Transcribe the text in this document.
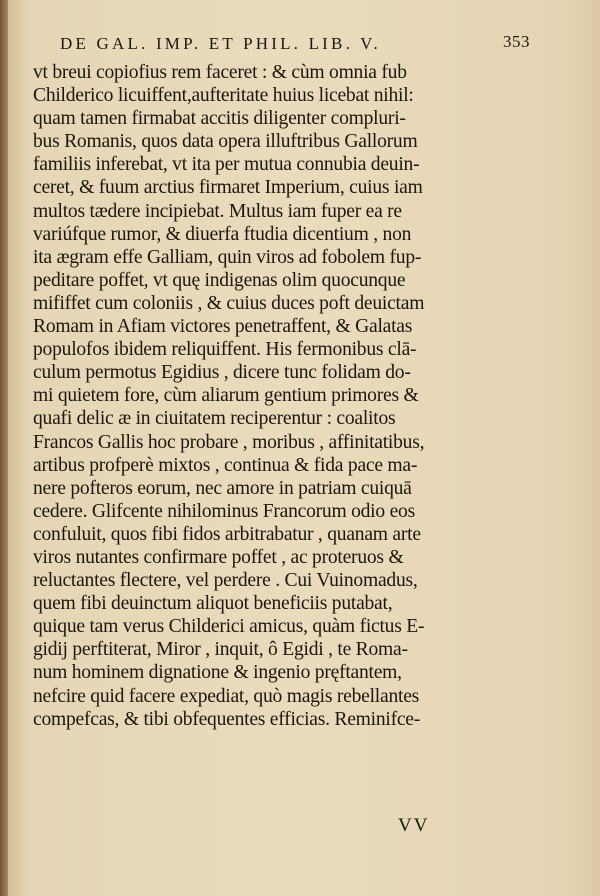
DE GAL. IMP. ET PHIL. LIB. V.	353
vt breui copiofius rem faceret : & cùm omnia fub
Childerico licuiffent,aufteritate huius licebat nihil:
quam tamen firmabat accitis diligenter compluri-
bus Romanis, quos data opera illuftribus Gallorum
familiis inferebat, vt ita per mutua connubia deuin-
ceret, & fuum arctius firmaret Imperium, cuius iam
multos tædere incipiebat. Multus iam fuper ea re
variúfque rumor, & diuerfa ftudia dicentium , non
ita ægram effe Galliam, quin viros ad fobolem fup-
peditare poffet, vt quę indigenas olim quocunque
mififfet cum coloniis , & cuius duces poft deuictam
Romam in Afiam victores penetraffent, & Galatas
populofos ibidem reliquiffent. His fermonibus clā-
culum permotus Egidius , dicere tunc folidam do-
mi quietem fore, cùm aliarum gentium primores &
quafi delic æ in ciuitatem reciperentur : coalitos
Francos Gallis hoc probare , moribus , affinitatibus,
artibus profperè mixtos , continua & fida pace ma-
nere pofteros eorum, nec amore in patriam cuiquā
cedere. Glifcente nihilominus Francorum odio eos
confuluit, quos fibi fidos arbitrabatur , quanam arte
viros nutantes confirmare poffet , ac proteruos &
reluctantes flectere, vel perdere . Cui Vuinomadus,
quem fibi deuinctum aliquot beneficiis putabat,
quique tam verus Childerici amicus, quàm fictus E-
gidij perftiterat, Miror , inquit, ô Egidi , te Roma-
num hominem dignatione & ingenio pręftantem,
nefcire quid facere expediat, quò magis rebellantes
compefcas, & tibi obfequentes efficias. Reminifce-
VV
